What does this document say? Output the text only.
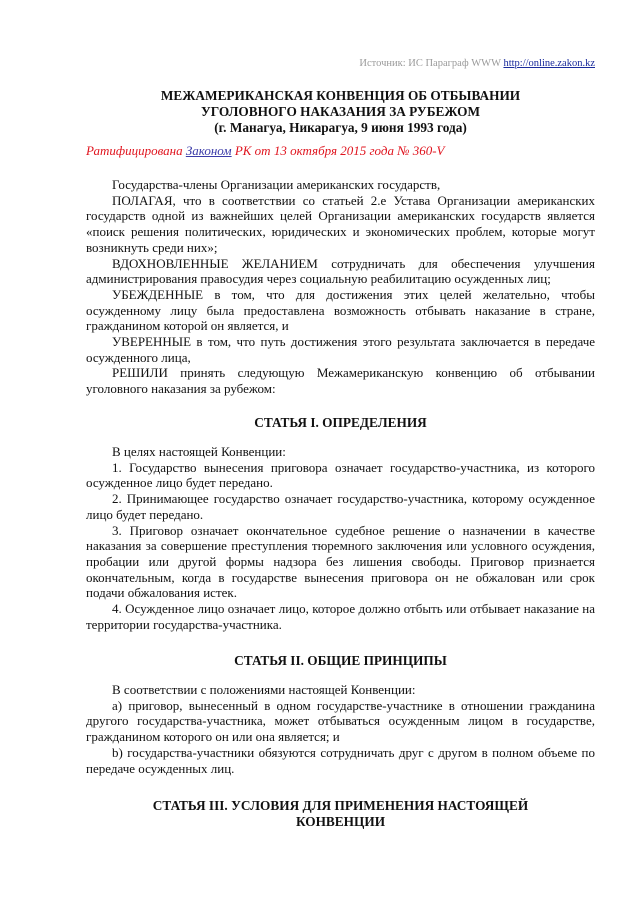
Источник: ИС Параграф WWW http://online.zakon.kz
МЕЖАМЕРИКАНСКАЯ КОНВЕНЦИЯ ОБ ОТБЫВАНИИ
УГОЛОВНОГО НАКАЗАНИЯ ЗА РУБЕЖОМ
(г. Манагуа, Никарагуа, 9 июня 1993 года)
Ратифицирована Законом РК от 13 октября 2015 года № 360-V

Государства-члены Организации американских государств,

ПОЛАГАЯ, что в соответствии со статьей 2.е Устава Организации американских государств одной из важнейших целей Организации американских государств является «поиск решения политических, юридических и экономических проблем, которые могут возникнуть среди них»;

ВДОХНОВЛЕННЫЕ ЖЕЛАНИЕМ сотрудничать для обеспечения улучшения администрирования правосудия через социальную реабилитацию осужденных лиц;

УБЕЖДЕННЫЕ в том, что для достижения этих целей желательно, чтобы осужденному лицу была предоставлена возможность отбывать наказание в стране, гражданином которой он является, и

УВЕРЕННЫЕ в том, что путь достижения этого результата заключается в передаче осужденного лица,

РЕШИЛИ принять следующую Межамериканскую конвенцию об отбывании уголовного наказания за рубежом:

СТАТЬЯ I. ОПРЕДЕЛЕНИЯ

В целях настоящей Конвенции:

1. Государство вынесения приговора означает государство-участника, из которого осужденное лицо будет передано.

2. Принимающее государство означает государство-участника, которому осужденное лицо будет передано.

3. Приговор означает окончательное судебное решение о назначении в качестве наказания за совершение преступления тюремного заключения или условного осуждения, пробации или другой формы надзора без лишения свободы. Приговор признается окончательным, когда в государстве вынесения приговора он не обжалован или срок подачи обжалования истек.

4. Осужденное лицо означает лицо, которое должно отбыть или отбывает наказание на территории государства-участника.

СТАТЬЯ II. ОБЩИЕ ПРИНЦИПЫ

В соответствии с положениями настоящей Конвенции:

a) приговор, вынесенный в одном государстве-участнике в отношении гражданина другого государства-участника, может отбываться осужденным лицом в государстве, гражданином которого он или она является; и

b) государства-участники обязуются сотрудничать друг с другом в полном объеме по передаче осужденных лиц.

СТАТЬЯ III. УСЛОВИЯ ДЛЯ ПРИМЕНЕНИЯ НАСТОЯЩЕЙ
КОНВЕНЦИИ
